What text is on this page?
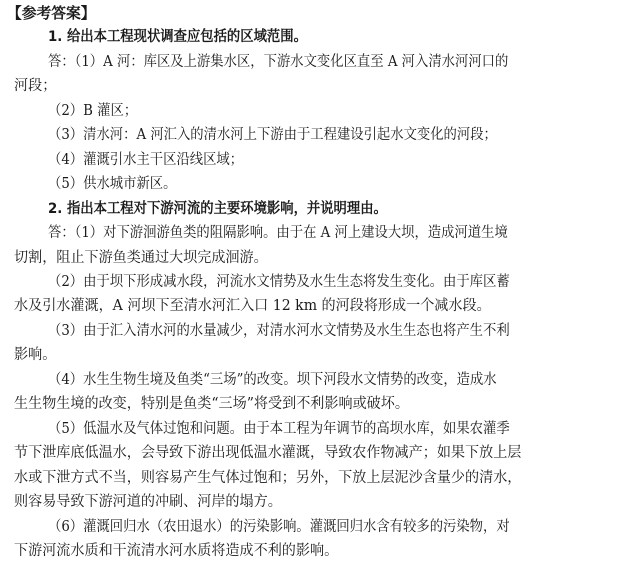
【参考答案】
1. 给出本工程现状调查应包括的区域范围。
答：（1）A 河：库区及上游集水区，下游水文变化区直至 A 河入清水河河口的
河段；
（2）B 灌区；
（3）清水河：A 河汇入的清水河上下游由于工程建设引起水文变化的河段；
（4）灌溉引水主干区沿线区域；
（5）供水城市新区。
2. 指出本工程对下游河流的主要环境影响，并说明理由。
答：（1）对下游洄游鱼类的阻隔影响。由于在 A 河上建设大坝，造成河道生境
切割，阻止下游鱼类通过大坝完成洄游。
（2）由于坝下形成减水段，河流水文情势及水生生态将发生变化。由于库区蓄
水及引水灌溉，A 河坝下至清水河汇入口 12 km 的河段将形成一个减水段。
（3）由于汇入清水河的水量减少，对清水河水文情势及水生生态也将产生不利
影响。
（4）水生生物生境及鱼类“三场”的改变。坝下河段水文情势的改变，造成水
生生物生境的改变，特别是鱼类“三场”将受到不利影响或破坏。
（5）低温水及气体过饱和问题。由于本工程为年调节的高坝水库，如果农灌季
节下泄库底低温水，会导致下游出现低温水灌溉，导致农作物减产；如果下放上层
水或下泄方式不当，则容易产生气体过饱和；另外，下放上层泥沙含量少的清水，
则容易导致下游河道的冲刷、河岸的塌方。
（6）灌溉回归水（农田退水）的污染影响。灌溉回归水含有较多的污染物，对
下游河流水质和干流清水河水质将造成不利的影响。
